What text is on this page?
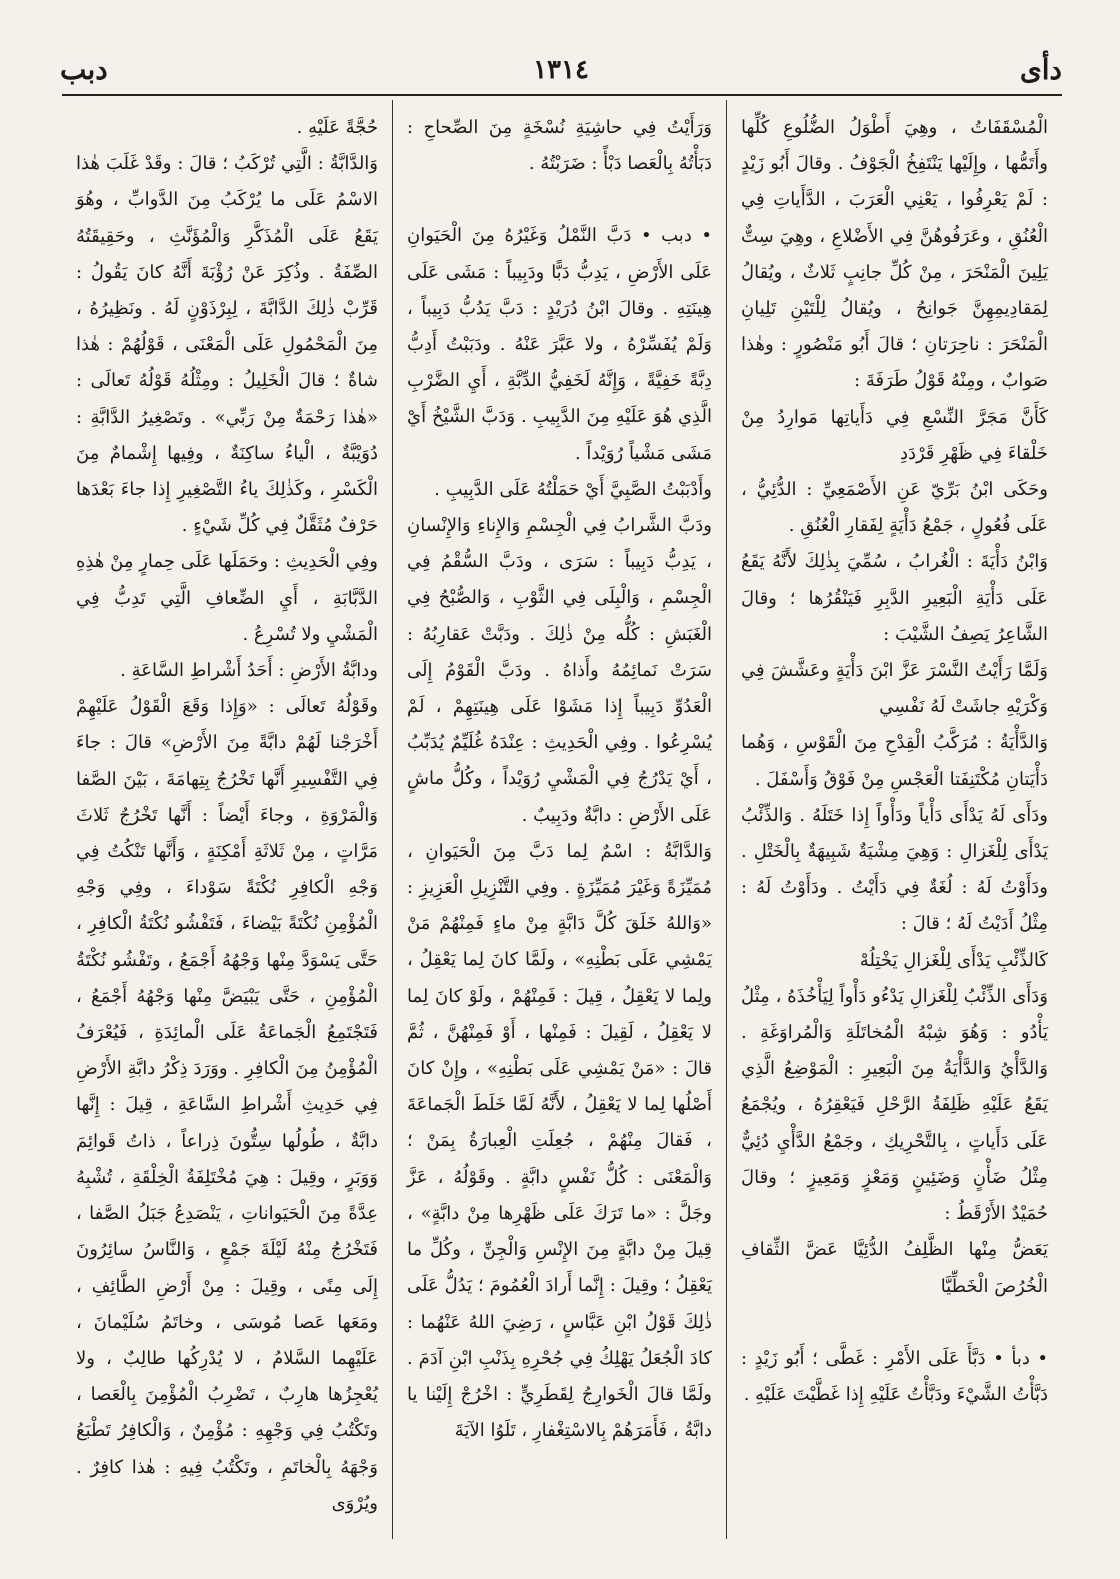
دأى
١٣١٤
دبب

الْمُسْقَفَاتُ ، وهِيَ أَطْوَلُ الضُّلُوعِ كُلِّها وأَتَمُّها ، وإِلَيْها يَنْتَفِخُ الْجَوْفُ . وقالَ أَبُو زَيْدٍ : لَمْ يَعْرِفُوا ، يَعْنِي الْعَرَبَ ، الدَّأَياتِ فِي الْعُنُقِ ، وعَرَفُوهُنَّ فِي الأَضْلاعِ ، وهِيَ سِتٌّ يَلِينَ الْمَنْحَرَ ، مِنْ كُلِّ جانِبٍ ثَلاثٌ ، ويُقالُ لِمَقادِيمِهِنَّ جَوانِحُ ، ويُقالُ لِلْتَيْنِ تَلِيانِ الْمَنْحَرَ : ناحِرَتانِ ؛ قالَ أَبُو مَنْصُورٍ : وهٰذا صَوابٌ ، ومِنْهُ قَوْلُ طَرَفَةَ :

كَأَنَّ مَجَرَّ النِّسْعِ فِي دَأَياتِها مَوارِدُ مِنْ خَلْقاءَ فِي ظَهْرِ قَرْدَدِ

وحَكَى ابْنُ بَرِّيّ عَنِ الأَصْمَعِيِّ : الدُّئِيُّ ، عَلَى فُعُولٍ ، جَمْعُ دَأْيَةٍ لِفَقارِ الْعُنُقِ .

وَابْنُ دَأْيَةَ : الْغُرابُ ، سُمِّيَ بِذٰلِكَ لأَنَّهُ يَقَعُ عَلَى دَأْيَةِ الْبَعِيرِ الدَّبِرِ فَيَنْقُرُها ؛ وقالَ الشَّاعِرُ يَصِفُ الشَّيْبَ :

وَلَمَّا رَأَيْتُ النَّسْرَ عَزَّ ابْنَ دَأْيَةٍ وعَشَّشَ فِي وَكْرَيْهِ جاشَتْ لَهُ نَفْسِي

وَالدَّأْيَةُ : مُرَكَّبُ الْقِدْحِ مِنَ الْقَوْسِ ، وَهُما دَأْيَتانِ مُكْتَنِفَتا الْعَجْسِ مِنْ فَوْقُ وَأَسْفَلَ .

ودَأَى لَهُ يَدْأَى دَأْياً ودَأْواً إِذا خَتَلَهُ . وَالذِّئْبُ يَدْأَى لِلْغَزالِ : وَهِيَ مِشْيَةٌ شَبِيهَةٌ بِالْخَتْلِ . ودَأَوْتُ لَهُ : لُغَةٌ فِي دَأَيْتُ . ودَأَوْتُ لَهُ : مِثْلُ أَدَيْتُ لَهُ ؛ قالَ :

كَالذِّئْبِ يَدْأَى لِلْغَزالِ يَخْتِلُهْ

وَدَأَى الذِّئْبُ لِلْغَزالِ يَدْءُو دَأْواً لِيَأْخُذَهُ ، مِثْلُ يَأْدُو : وَهُوَ شِبْهُ الْمُخاتَلَةِ وَالْمُراوَغَةِ . وَالدَّأْيُ وَالدَّأْيَةُ مِنَ الْبَعِيرِ : الْمَوْضِعُ الَّذِي يَقَعُ عَلَيْهِ ظَلِفَةُ الرَّحْلِ فَيَعْقِرُهُ ، ويُجْمَعُ عَلَى دَأَياتٍ ، بِالتَّحْرِيكِ ، وجَمْعُ الدَّأْيِ دُئِيٌّ مِثْلُ ضَأْنٍ وَضَئِينٍ وَمَعْزٍ وَمَعِيزٍ ؛ وقالَ حُمَيْدٌ الأَرْقَطُ :

يَعَضُّ مِنْها الظَّلِفُ الدُّئِيَّا عَضَّ الثِّقافِ الْخُرُصَ الْخَطِّيَّا

• دبأ • دَبَّأَ عَلَى الأَمْرِ : غَطَّى ؛ أَبُو زَيْدٍ : دَبَّأْتُ الشَّيْءَ ودَبَّأْتُ عَلَيْهِ إِذا غَطَّيْتَ عَلَيْهِ .

وَرَأَيْتُ فِي حاشِيَةِ نُسْخَةٍ مِنَ الصِّحاحِ : دَبَأْتُهُ بِالْعَصا دَبْأً : ضَرَبْتُهُ .

• دبب • دَبَّ النَّمْلُ وَغَيْرُهُ مِنَ الْحَيَوانِ عَلَى الأَرْضِ ، يَدِبُّ دَبًّا ودَبِيباً : مَشَى عَلَى هِينَتِهِ . وقالَ ابْنُ دُرَيْدٍ : دَبَّ يَدُبُّ دَبِيباً ، وَلَمْ يُفَسِّرْهُ ، ولا عَبَّرَ عَنْهُ . ودَبَبْتُ أَدِبُّ دِبَّةً خَفِيَّةً ، وَإِنَّهُ لَخَفِيُّ الدِّبَّةِ ، أَيِ الضَّرْبِ الَّذِي هُوَ عَلَيْهِ مِنَ الدَّبِيبِ . وَدَبَّ الشَّيْخُ أَيْ مَشَى مَشْياً رُوَيْداً .

وأَدْبَبْتُ الصَّبِيَّ أَيْ حَمَلْتُهُ عَلَى الدَّبِيبِ .

ودَبَّ الشَّرابُ فِي الْجِسْمِ وَالإِناءِ وَالإِنْسانِ ، يَدِبُّ دَبِيباً : سَرَى ، ودَبَّ السُّقْمُ فِي الْجِسْمِ ، وَالْبِلَى فِي الثَّوْبِ ، وَالصُّبْحُ فِي الْغَبَشِ : كُلُّه مِنْ ذٰلِكَ . ودَبَّتْ عَقارِبُهُ : سَرَتْ نَمائِمُهُ وأَذاهُ . ودَبَّ الْقَوْمُ إِلَى الْعَدُوِّ دَبِيباً إِذا مَشَوْا عَلَى هِينَتِهِمْ ، لَمْ يُسْرِعُوا . وفِي الْحَدِيثِ : عِنْدَهُ غُلَيِّمٌ يُدَبِّبُ ، أَيْ يَدْرُجُ فِي الْمَشْيِ رُوَيْداً ، وكُلُّ ماشٍ عَلَى الأَرْضِ : دابَّةٌ ودَبِيبٌ .

وَالدَّابَّةُ : اسْمٌ لِما دَبَّ مِنَ الْحَيَوانِ ، مُمَيِّزَةً وَغَيْرَ مُمَيِّزَةٍ . وفِي التَّنْزِيلِ الْعَزِيزِ : «وَاللهُ خَلَقَ كُلَّ دَابَّةٍ مِنْ ماءٍ فَمِنْهُمْ مَنْ يَمْشِي عَلَى بَطْنِهِ» ، ولَمَّا كانَ لِما يَعْقِلُ ، ولِما لا يَعْقِلُ ، قِيلَ : فَمِنْهُمْ ، ولَوْ كانَ لِما لا يَعْقِلُ ، لَقِيلَ : فَمِنْها ، أَوْ فَمِنْهُنَّ ، ثُمَّ قالَ : «مَنْ يَمْشِي عَلَى بَطْنِهِ» ، وإِنْ كانَ أَصْلُها لِما لا يَعْقِلُ ، لأَنَّهُ لَمَّا خَلَطَ الْجَماعَةَ ، فَقالَ مِنْهُمْ ، جُعِلَتِ الْعِبارَةُ بِمَنْ ؛ وَالْمَعْنَى : كُلُّ نَفْسٍ دابَّةٍ . وقَوْلُهُ ، عَزَّ وجَلَّ : «ما تَرَكَ عَلَى ظَهْرِها مِنْ دابَّةٍ» ، قِيلَ مِنْ دابَّةٍ مِنَ الإِنْسِ وَالْجِنِّ ، وكُلِّ ما يَعْقِلُ ؛ وقِيلَ : إِنَّما أَرادَ الْعُمُومَ ؛ يَدُلُّ عَلَى ذٰلِكَ قَوْلُ ابْنِ عَبَّاسٍ ، رَضِيَ اللهُ عَنْهُما : كادَ الْجُعَلُ يَهْلِكُ فِي جُحْرِهِ بِذَنْبِ ابْنِ آدَمَ . ولَمَّا قالَ الْخَوارِجُ لِقَطَرِيٍّ : اخْرُجْ إِلَيْنا يا دابَّةُ ، فَأَمَرَهُمْ بِالاسْتِغْفارِ ، تَلَوُا الآيَةَ

حُجَّةً عَلَيْهِ .

وَالدَّابَّةُ : الَّتِي تُرْكَبُ ؛ قالَ : وقَدْ غَلَبَ هٰذا الاسْمُ عَلَى ما يُرْكَبُ مِنَ الدَّوابِّ ، وهُوَ يَقَعُ عَلَى الْمُذَكَّرِ وَالْمُؤَنَّثِ ، وحَقِيقَتُهُ الصِّفَةُ . وذُكِرَ عَنْ رُؤْبَةَ أَنَّهُ كانَ يَقُولُ : قَرِّبْ ذٰلِكَ الدَّابَّةَ ، لِبِرْذَوْنٍ لَهُ . ونَظِيرُهُ ، مِنَ الْمَحْمُولِ عَلَى الْمَعْنَى ، قَوْلُهُمْ : هٰذا شاةٌ ؛ قالَ الْخَلِيلُ : ومِثْلُهُ قَوْلُهُ تَعالَى : «هٰذا رَحْمَةٌ مِنْ رَبِّي» . وتَصْغِيرُ الدَّابَّةِ : دُوَيْبَّةٌ ، الْياءُ ساكِنَةٌ ، وفِيها إِشْمامٌ مِنَ الْكَسْرِ ، وكَذٰلِكَ ياءُ التَّصْغِيرِ إِذا جاءَ بَعْدَها حَرْفٌ مُثَقَّلٌ فِي كُلِّ شَيْءٍ .

وفِي الْحَدِيثِ : وحَمَلَها عَلَى حِمارٍ مِنْ هٰذِهِ الدَّبَّابَةِ ، أَيِ الضِّعافِ الَّتِي تَدِبُّ فِي الْمَشْيِ ولا تُسْرِعُ .

ودابَّةُ الأَرْضِ : أَحَدُ أَشْراطِ السَّاعَةِ .

وقَوْلُهُ تَعالَى : «وَإِذا وَقَعَ الْقَوْلُ عَلَيْهِمْ أَخْرَجْنا لَهُمْ دابَّةً مِنَ الأَرْضِ» قالَ : جاءَ فِي التَّفْسِيرِ أَنَّها تَخْرُجُ بِتِهامَةَ ، بَيْنَ الصَّفا وَالْمَرْوَةِ ، وجاءَ أَيْضاً : أَنَّها تَخْرُجُ ثَلاثَ مَرَّاتٍ ، مِنْ ثَلاثَةِ أَمْكِنَةٍ ، وَأَنَّها تَنْكُتُ فِي وَجْهِ الْكافِرِ نُكْتَةً سَوْداءَ ، وفِي وَجْهِ الْمُؤْمِنِ نُكْتَةً بَيْضاءَ ، فَتَفْشُو نُكْتَةُ الْكافِرِ ، حَتَّى يَسْوَدَّ مِنْها وَجْهُهُ أَجْمَعُ ، وتَفْشُو نُكْتَةُ الْمُؤْمِنِ ، حَتَّى يَبْيَضَّ مِنْها وَجْهُهُ أَجْمَعُ ، فَتَجْتَمِعُ الْجَماعَةُ عَلَى الْمائِدَةِ ، فَيُعْرَفُ الْمُؤْمِنُ مِنَ الْكافِرِ . ووَرَدَ ذِكْرُ دابَّةِ الأَرْضِ فِي حَدِيثِ أَشْراطِ السَّاعَةِ ، قِيلَ : إِنَّها دابَّةٌ ، طُولُها سِتُّونَ ذِراعاً ، ذاتُ قَوائِمَ وَوَبَرٍ ، وقِيلَ : هِيَ مُخْتَلِفَةُ الْخِلْقَةِ ، تُشْبِهُ عِدَّةً مِنَ الْحَيَواناتِ ، يَنْصَدِعُ جَبَلُ الصَّفا ، فَتَخْرُجُ مِنْهُ لَيْلَةَ جَمْعٍ ، وَالنَّاسُ سائِرُونَ إِلَى مِنًى ، وقِيلَ : مِنْ أَرْضِ الطَّائِفِ ، ومَعَها عَصا مُوسَى ، وخاتَمُ سُلَيْمانَ ، عَلَيْهِما السَّلامُ ، لا يُدْرِكُها طالِبٌ ، ولا يُعْجِزُها هارِبٌ ، تَضْرِبُ الْمُؤْمِنَ بِالْعَصا ، وتَكْتُبُ فِي وَجْهِهِ : مُؤْمِنٌ ، وَالْكافِرُ تَطْبَعُ وَجْهَهُ بِالْخاتَمِ ، وتَكْتُبُ فِيهِ : هٰذا كافِرٌ . ويُرْوَى
